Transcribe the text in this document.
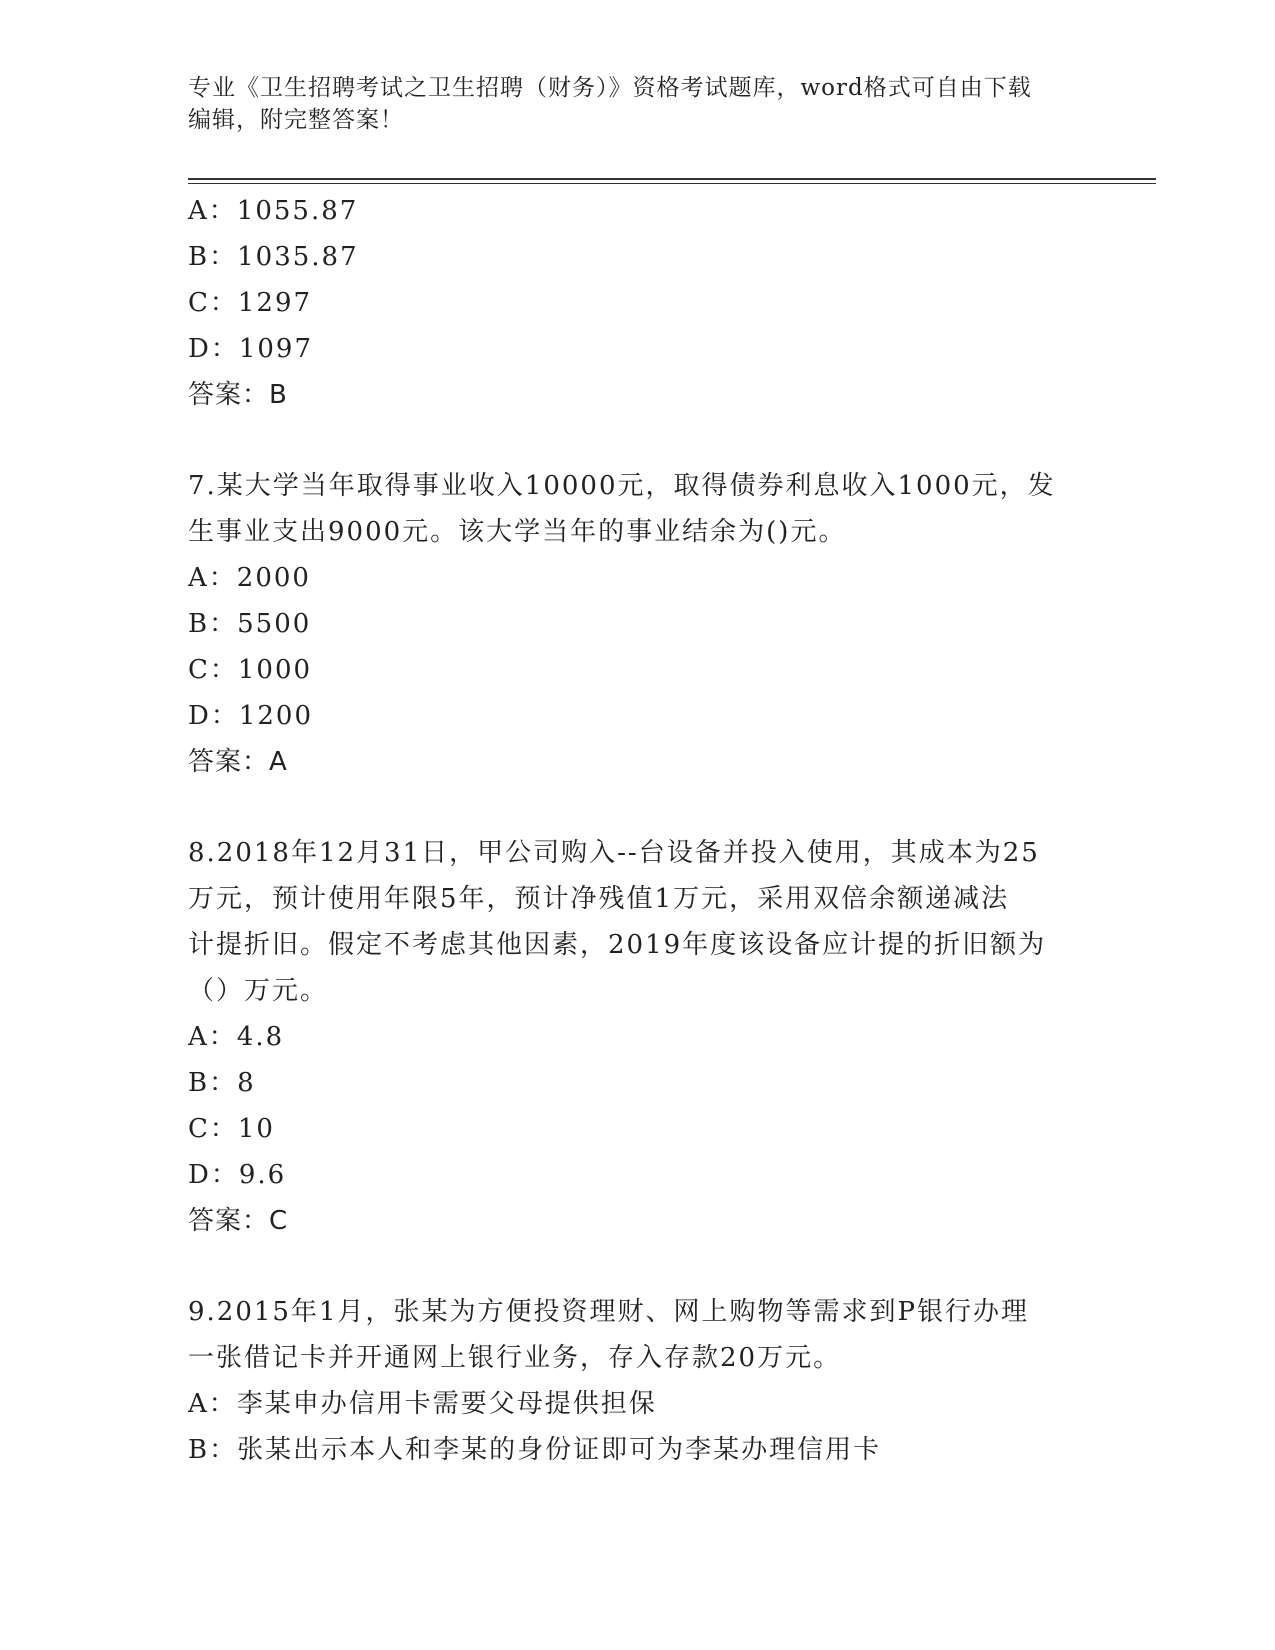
专业《卫生招聘考试之卫生招聘（财务）》资格考试题库，word格式可自由下载
编辑，附完整答案！
A：1055.87
B：1035.87
C：1297
D：1097
答案：B
7.某大学当年取得事业收入10000元，取得债券利息收入1000元，发
生事业支出9000元。该大学当年的事业结余为()元。
A：2000
B：5500
C：1000
D：1200
答案：A
8.2018年12月31日，甲公司购入--台设备并投入使用，其成本为25
万元，预计使用年限5年，预计净残值1万元，采用双倍余额递减法
计提折旧。假定不考虑其他因素，2019年度该设备应计提的折旧额为
（）万元。
A：4.8
B：8
C：10
D：9.6
答案：C
9.2015年1月，张某为方便投资理财、网上购物等需求到P银行办理
一张借记卡并开通网上银行业务，存入存款20万元。
A：李某申办信用卡需要父母提供担保
B：张某出示本人和李某的身份证即可为李某办理信用卡
